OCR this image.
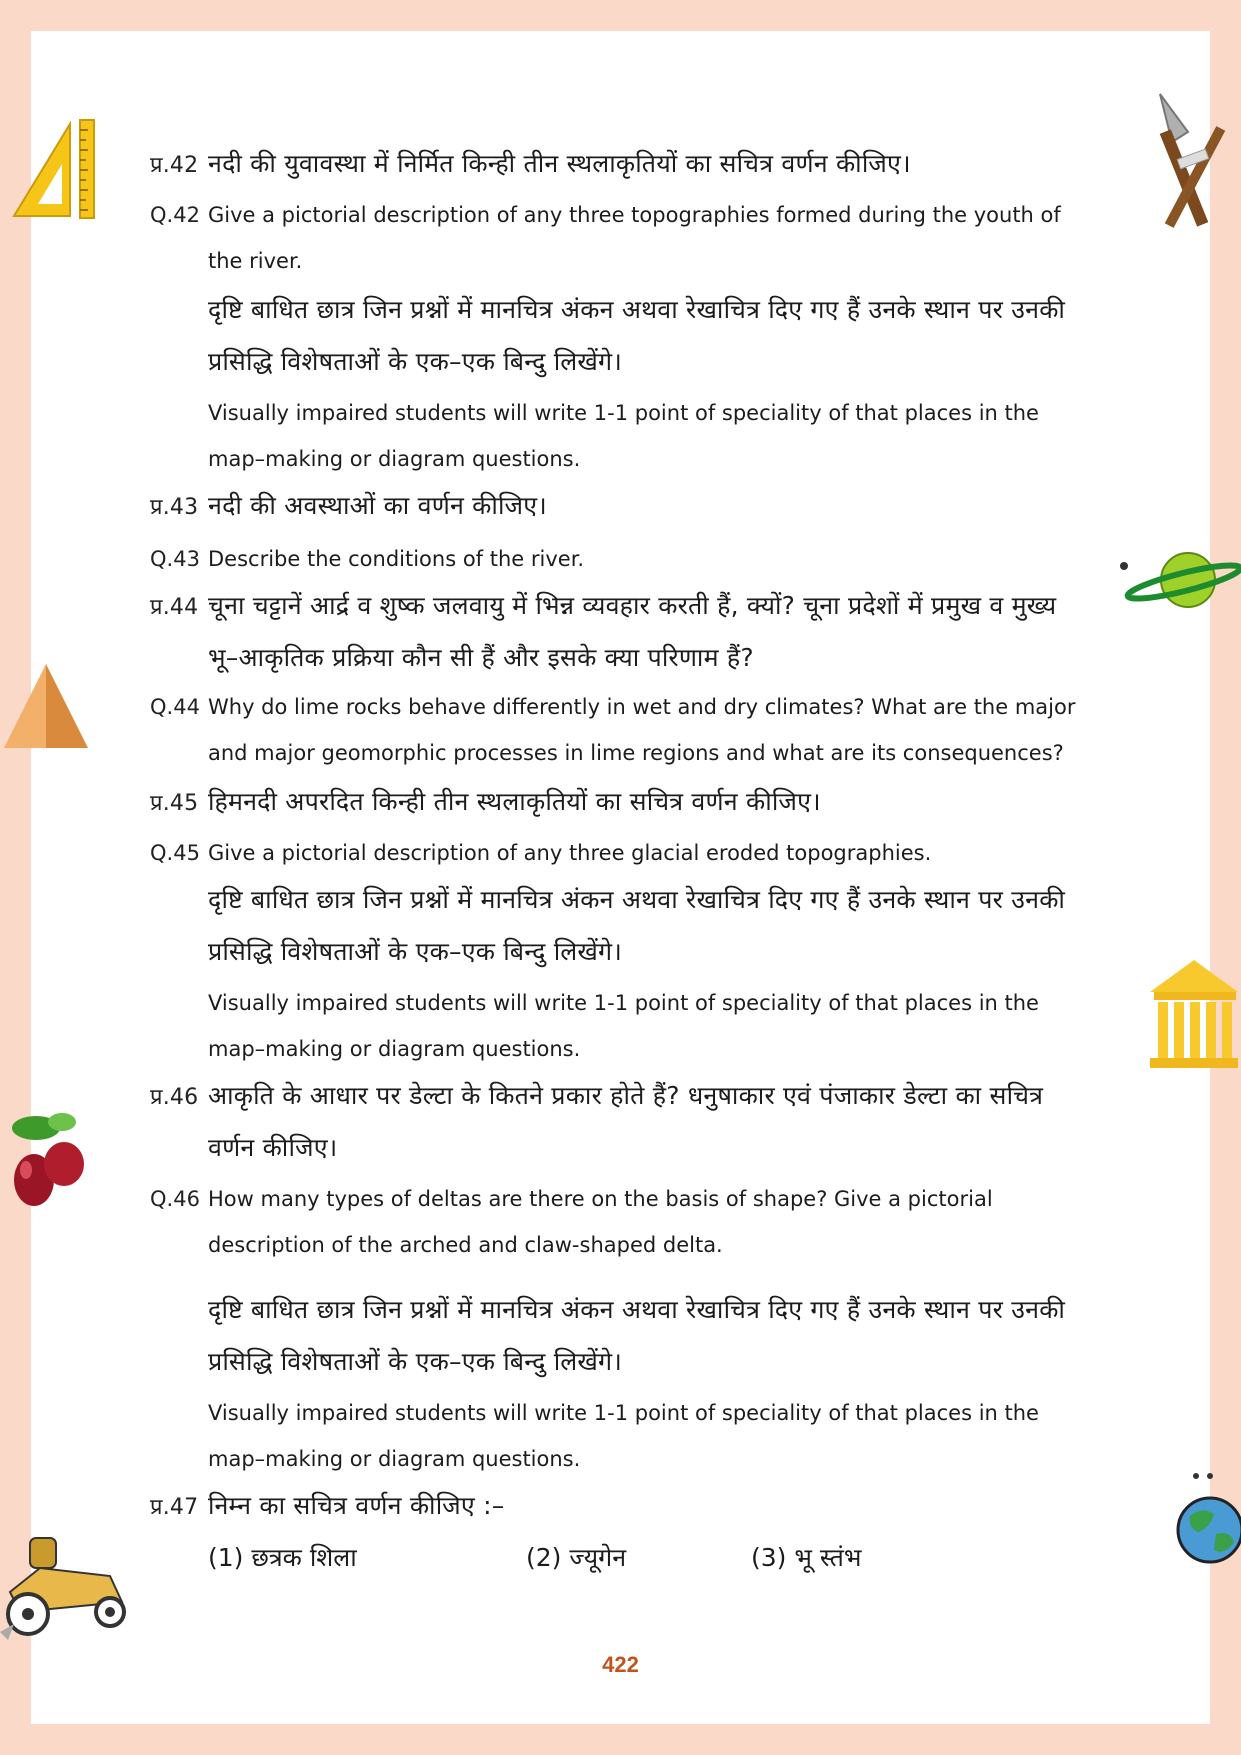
प्र.42 नदी की युवावस्था में निर्मित किन्ही तीन स्थलाकृतियों का सचित्र वर्णन कीजिए।
Q.42 Give a pictorial description of any three topographies formed during the youth of the river.
दृष्टि बाधित छात्र जिन प्रश्नों में मानचित्र अंकन अथवा रेखाचित्र दिए गए हैं उनके स्थान पर उनकी प्रसिद्धि विशेषताओं के एक–एक बिन्दु लिखेंगे।
Visually impaired students will write 1-1 point of speciality of that places in the map–making or diagram questions.
प्र.43 नदी की अवस्थाओं का वर्णन कीजिए।
Q.43 Describe the conditions of the river.
प्र.44 चूना चट्टानें आर्द्र व शुष्क जलवायु में भिन्न व्यवहार करती हैं, क्यों? चूना प्रदेशों में प्रमुख व मुख्य भू–आकृतिक प्रक्रिया कौन सी हैं और इसके क्या परिणाम हैं?
Q.44 Why do lime rocks behave differently in wet and dry climates? What are the major and major geomorphic processes in lime regions and what are its consequences?
प्र.45 हिमनदी अपरदित किन्ही तीन स्थलाकृतियों का सचित्र वर्णन कीजिए।
Q.45 Give a pictorial description of any three glacial eroded topographies.
दृष्टि बाधित छात्र जिन प्रश्नों में मानचित्र अंकन अथवा रेखाचित्र दिए गए हैं उनके स्थान पर उनकी प्रसिद्धि विशेषताओं के एक–एक बिन्दु लिखेंगे।
Visually impaired students will write 1-1 point of speciality of that places in the map–making or diagram questions.
प्र.46 आकृति के आधार पर डेल्टा के कितने प्रकार होते हैं? धनुषाकार एवं पंजाकार डेल्टा का सचित्र वर्णन कीजिए।
Q.46 How many types of deltas are there on the basis of shape? Give a pictorial description of the arched and claw-shaped delta.
दृष्टि बाधित छात्र जिन प्रश्नों में मानचित्र अंकन अथवा रेखाचित्र दिए गए हैं उनके स्थान पर उनकी प्रसिद्धि विशेषताओं के एक–एक बिन्दु लिखेंगे।
Visually impaired students will write 1-1 point of speciality of that places in the map–making or diagram questions.
प्र.47 निम्न का सचित्र वर्णन कीजिए :–
(1) छत्रक शिला	(2) ज्यूगेन	(3) भू स्तंभ
422
